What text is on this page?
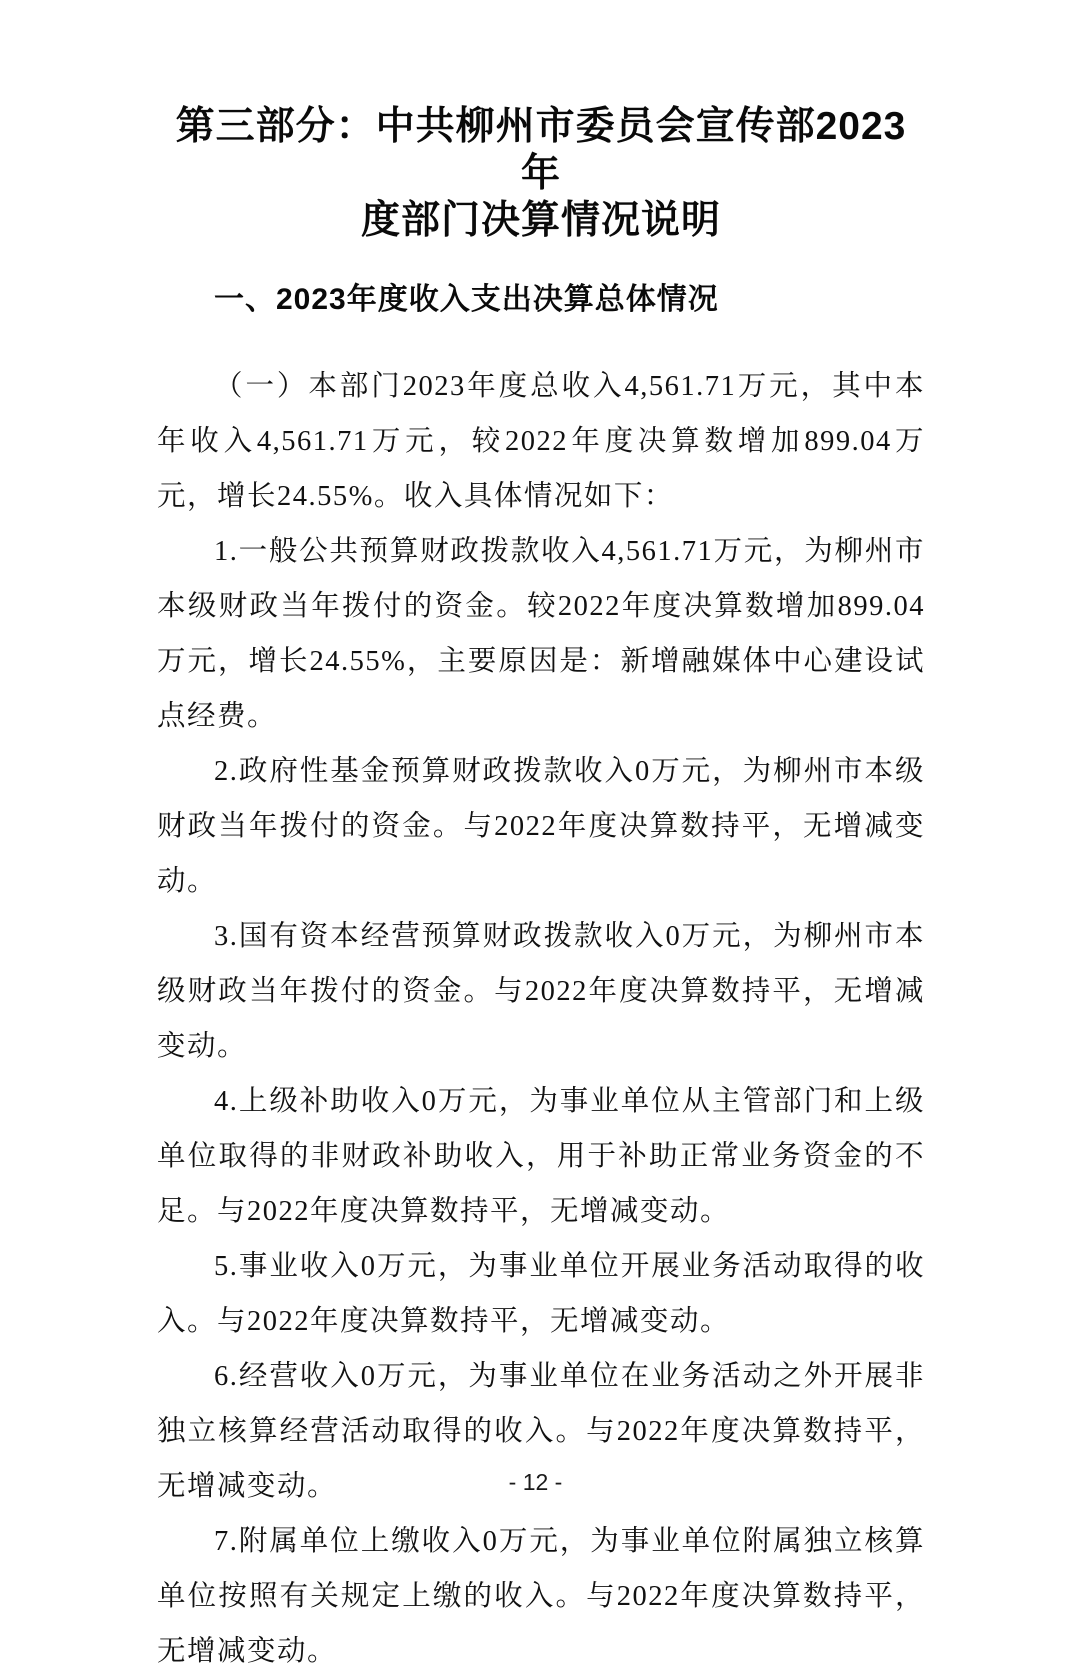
第三部分：中共柳州市委员会宣传部2023年
度部门决算情况说明
一、2023年度收入支出决算总体情况

（一）本部门2023年度总收入4,561.71万元，其中本年收入4,561.71万元，较2022年度决算数增加899.04万元，增长24.55%。收入具体情况如下：

1.一般公共预算财政拨款收入4,561.71万元，为柳州市本级财政当年拨付的资金。较2022年度决算数增加899.04万元，增长24.55%，主要原因是：新增融媒体中心建设试点经费。

2.政府性基金预算财政拨款收入0万元，为柳州市本级财政当年拨付的资金。与2022年度决算数持平，无增减变动。

3.国有资本经营预算财政拨款收入0万元，为柳州市本级财政当年拨付的资金。与2022年度决算数持平，无增减变动。

4.上级补助收入0万元，为事业单位从主管部门和上级单位取得的非财政补助收入，用于补助正常业务资金的不足。与2022年度决算数持平，无增减变动。

5.事业收入0万元，为事业单位开展业务活动取得的收入。与2022年度决算数持平，无增减变动。

6.经营收入0万元，为事业单位在业务活动之外开展非独立核算经营活动取得的收入。与2022年度决算数持平，无增减变动。

7.附属单位上缴收入0万元，为事业单位附属独立核算单位按照有关规定上缴的收入。与2022年度决算数持平，无增减变动。

- 12 -
